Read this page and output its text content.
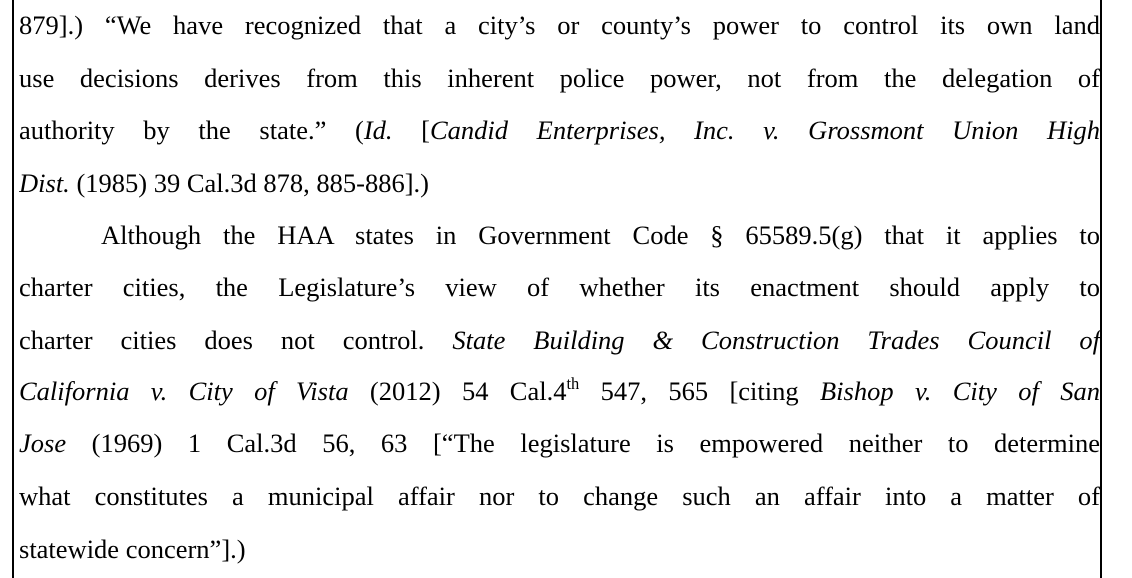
879].) “We have recognized that a city’s or county’s power to control its own land
use decisions derives from this inherent police power, not from the delegation of
authority by the state.” (Id. [Candid Enterprises, Inc. v. Grossmont Union High
Dist. (1985) 39 Cal.3d 878, 885-886].)
Although the HAA states in Government Code § 65589.5(g) that it applies to
charter cities, the Legislature’s view of whether its enactment should apply to
charter cities does not control. State Building & Construction Trades Council of
California v. City of Vista (2012) 54 Cal.4th 547, 565 [citing Bishop v. City of San
Jose (1969) 1 Cal.3d 56, 63 [“The legislature is empowered neither to determine
what constitutes a municipal affair nor to change such an affair into a matter of
statewide concern”].)
